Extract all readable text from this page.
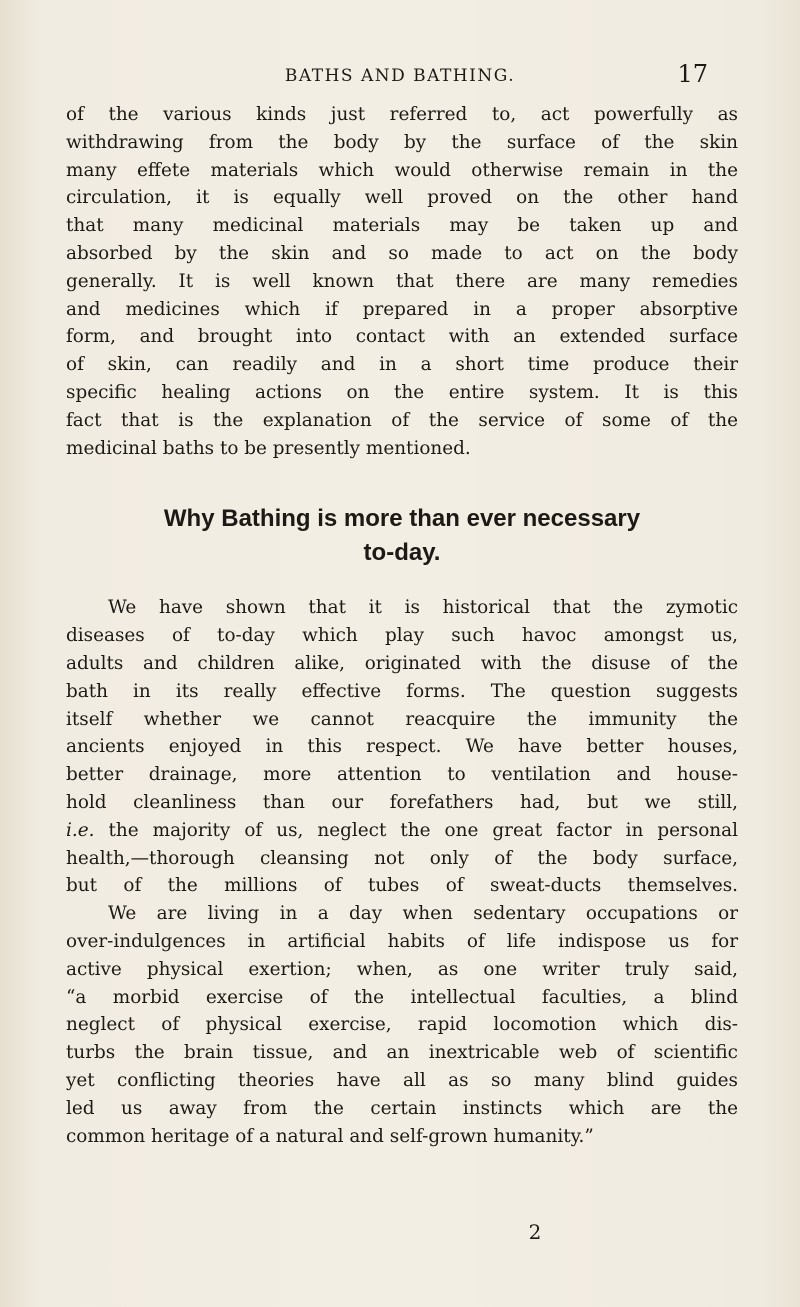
BATHS AND BATHING.	17
of the various kinds just referred to, act powerfully as
withdrawing from the body by the surface of the skin
many effete materials which would otherwise remain in the
circulation, it is equally well proved on the other hand
that many medicinal materials may be taken up and
absorbed by the skin and so made to act on the body
generally. It is well known that there are many remedies
and medicines which if prepared in a proper absorptive
form, and brought into contact with an extended surface
of skin, can readily and in a short time produce their
specific healing actions on the entire system. It is this
fact that is the explanation of the service of some of the
medicinal baths to be presently mentioned.
Why Bathing is more than ever necessary
to-day.
We have shown that it is historical that the zymotic
diseases of to-day which play such havoc amongst us,
adults and children alike, originated with the disuse of the
bath in its really effective forms. The question suggests
itself whether we cannot reacquire the immunity the
ancients enjoyed in this respect. We have better houses,
better drainage, more attention to ventilation and house-
hold cleanliness than our forefathers had, but we still,
i.e. the majority of us, neglect the one great factor in personal
health,—thorough cleansing not only of the body surface,
but of the millions of tubes of sweat-ducts themselves.
We are living in a day when sedentary occupations or
over-indulgences in artificial habits of life indispose us for
active physical exertion; when, as one writer truly said,
“a morbid exercise of the intellectual faculties, a blind
neglect of physical exercise, rapid locomotion which dis-
turbs the brain tissue, and an inextricable web of scientific
yet conflicting theories have all as so many blind guides
led us away from the certain instincts which are the
common heritage of a natural and self-grown humanity.”
2
